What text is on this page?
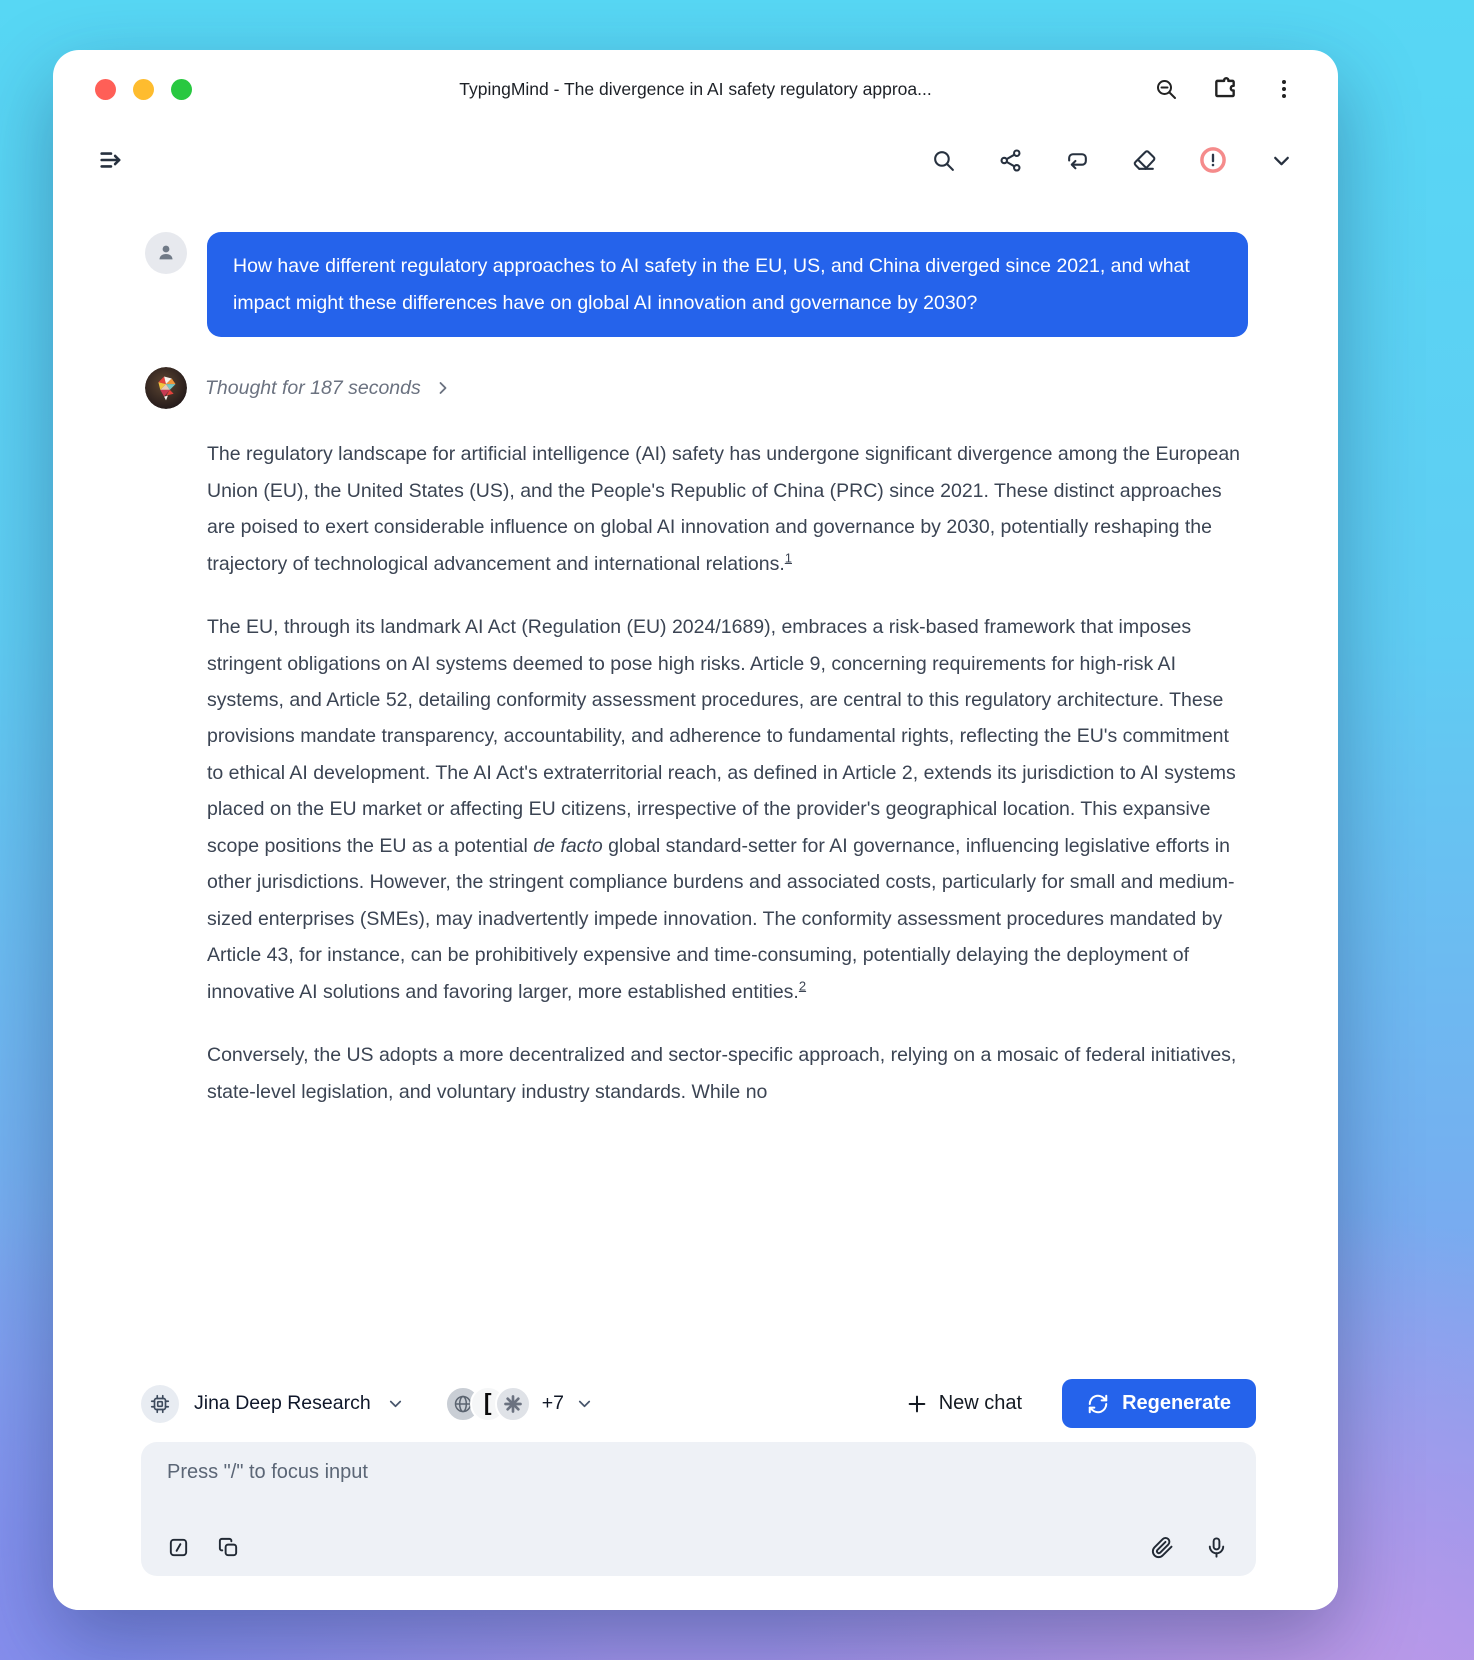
TypingMind - The divergence in AI safety regulatory approa...
How have different regulatory approaches to AI safety in the EU, US, and China diverged since 2021, and what impact might these differences have on global AI innovation and governance by 2030?
Thought for 187 seconds

The regulatory landscape for artificial intelligence (AI) safety has undergone significant divergence among the European Union (EU), the United States (US), and the People's Republic of China (PRC) since 2021. These distinct approaches are poised to exert considerable influence on global AI innovation and governance by 2030, potentially reshaping the trajectory of technological advancement and international relations.$^1$

The EU, through its landmark AI Act (Regulation (EU) 2024/1689), embraces a risk-based framework that imposes stringent obligations on AI systems deemed to pose high risks. Article 9, concerning requirements for high-risk AI systems, and Article 52, detailing conformity assessment procedures, are central to this regulatory architecture. These provisions mandate transparency, accountability, and adherence to fundamental rights, reflecting the EU's commitment to ethical AI development. The AI Act's extraterritorial reach, as defined in Article 2, extends its jurisdiction to AI systems placed on the EU market or affecting EU citizens, irrespective of the provider's geographical location. This expansive scope positions the EU as a potential de facto global standard-setter for AI governance, influencing legislative efforts in other jurisdictions. However, the stringent compliance burdens and associated costs, particularly for small and medium-sized enterprises (SMEs), may inadvertently impede innovation. The conformity assessment procedures mandated by Article 43, for instance, can be prohibitively expensive and time-consuming, potentially delaying the deployment of innovative AI solutions and favoring larger, more established entities.$^2$

Conversely, the US adopts a more decentralized and sector-specific approach, relying on a mosaic of federal initiatives, state-level legislation, and voluntary industry standards. While no

Jina Deep Research	[	+7	New chat	Regenerate
Press "/" to focus input
